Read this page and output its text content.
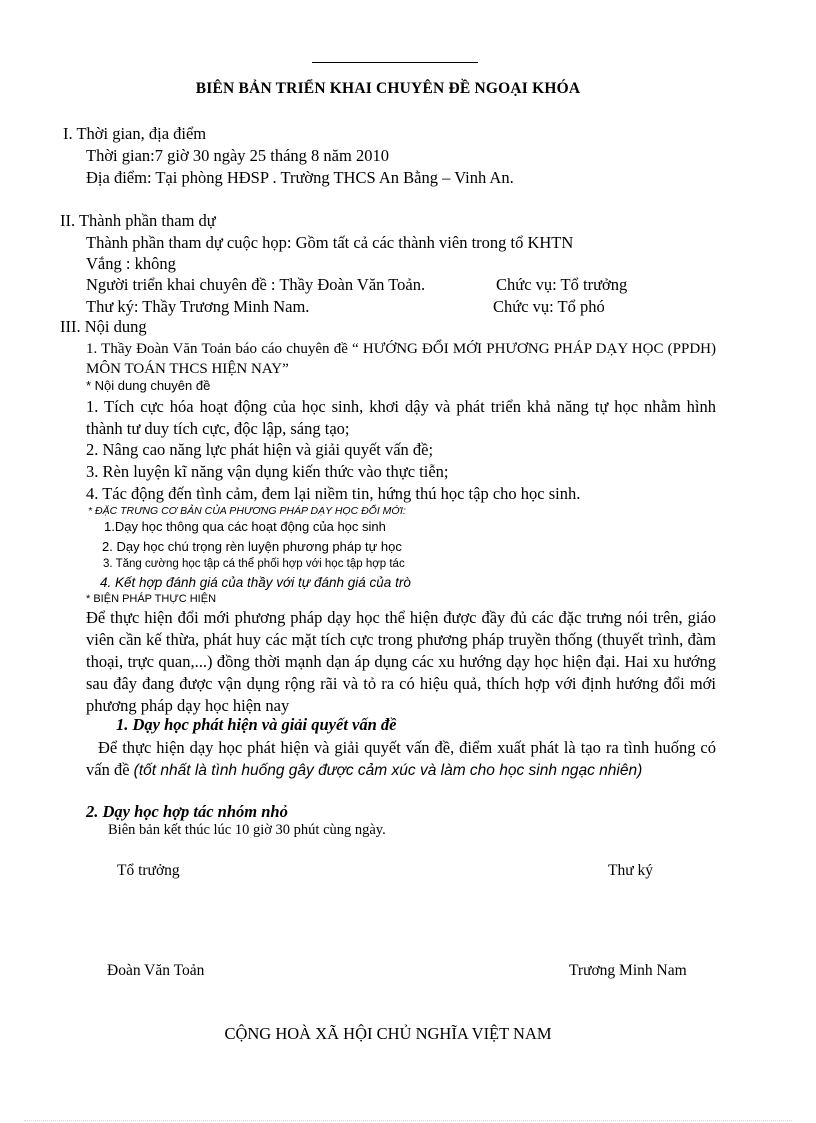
BIÊN BẢN TRIỂN KHAI CHUYÊN ĐỀ NGOẠI KHÓA
I. Thời gian, địa điểm
Thời gian:7 giờ 30 ngày 25 tháng 8 năm 2010
Địa điểm: Tại phòng HĐSP . Trường THCS An Bằng – Vinh An.
II. Thành phần tham dự
Thành phần tham dự cuộc họp: Gồm tất cả các thành viên trong tổ KHTN
Vắng : không
Người triển khai chuyên đề : Thầy Đoàn Văn Toản.	Chức vụ: Tổ trưởng
Thư ký: Thầy Trương Minh Nam.	Chức vụ: Tổ phó
III. Nội dung
1. Thầy Đoàn Văn Toản báo cáo chuyên đề “ HƯỚNG ĐỔI MỚI PHƯƠNG PHÁP DẠY HỌC (PPDH) MÔN TOÁN THCS HIỆN NAY”
* Nội dung chuyên đề
1. Tích cực hóa hoạt động của học sinh, khơi dậy và phát triển khả năng tự học nhằm hình thành tư duy tích cực, độc lập, sáng tạo;
2. Nâng cao năng lực phát hiện và giải quyết vấn đề;
3. Rèn luyện kĩ năng vận dụng kiến thức vào thực tiễn;
4. Tác động đến tình cảm, đem lại niềm tin, hứng thú học tập cho học sinh.
* ĐẶC TRƯNG CƠ BẢN CỦA PHƯƠNG PHÁP DẠY HỌC ĐỔI MỚI:
1.Dạy học thông qua các hoạt động của học sinh
2. Dạy học chú trọng rèn luyện phương pháp tự học
3. Tăng cường học tập cá thể phối hợp với học tập hợp tác
4. Kết hợp đánh giá của thầy với tự đánh giá của trò
* BIỆN PHÁP THỰC HIỆN
Để thực hiện đổi mới phương pháp dạy học thể hiện được đầy đủ các đặc trưng nói trên, giáo viên cần kế thừa, phát huy các mặt tích cực trong phương pháp truyền thống (thuyết trình, đàm thoại, trực quan,...) đồng thời mạnh dạn áp dụng các xu hướng dạy học hiện đại. Hai xu hướng sau đây đang được vận dụng rộng rãi và tỏ ra có hiệu quả, thích hợp với định hướng đổi mới phương pháp dạy học hiện nay
1. Dạy học phát hiện và giải quyết vấn đề
Để thực hiện dạy học phát hiện và giải quyết vấn đề, điểm xuất phát là tạo ra tình huống có vấn đề (tốt nhất là tình huống gây được cảm xúc và làm cho học sinh ngạc nhiên)
2. Dạy học hợp tác nhóm nhỏ
Biên bản kết thúc lúc 10 giờ 30 phút cùng ngày.
Tổ trưởng	Thư ký
Đoàn Văn Toản	Trương Minh Nam
CỘNG HOÀ XÃ HỘI CHỦ NGHĨA VIỆT NAM
